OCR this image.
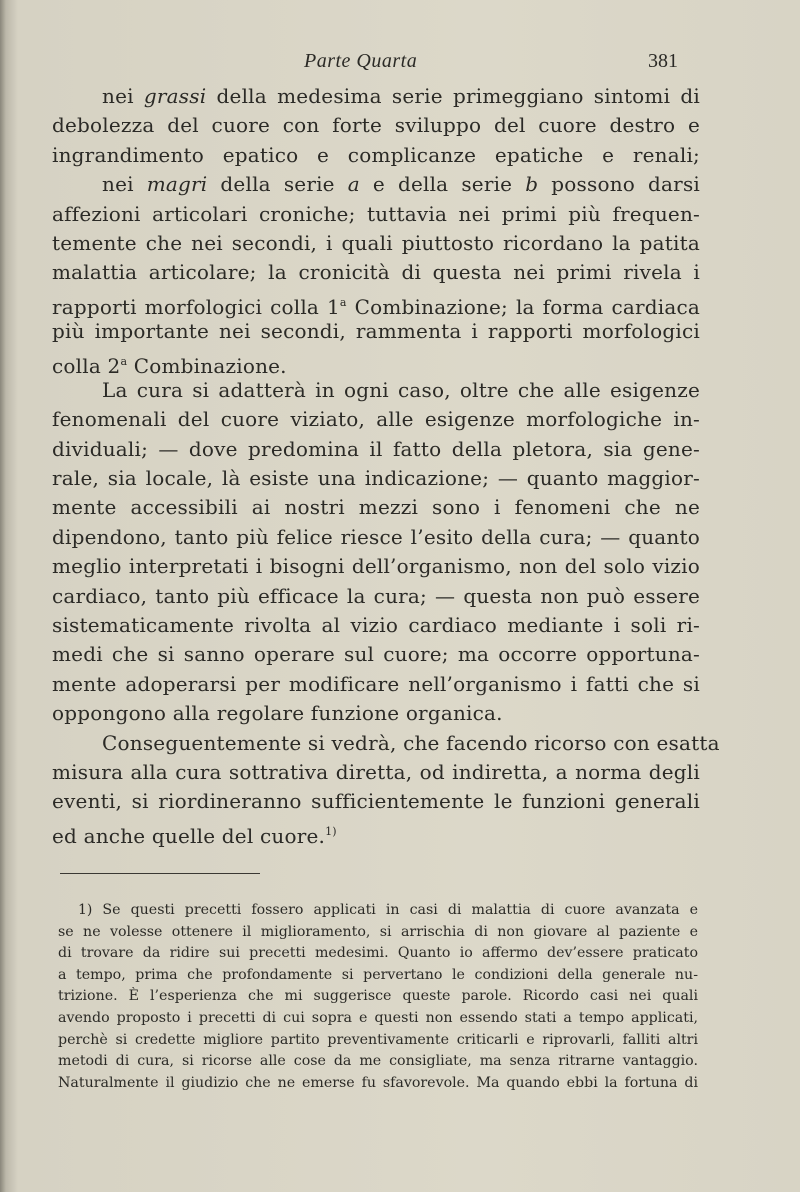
Parte Quarta	381
nei grassi della medesima serie primeggiano sintomi di
debolezza del cuore con forte sviluppo del cuore destro e
ingrandimento epatico e complicanze epatiche e renali;
nei magri della serie a e della serie b possono darsi
affezioni articolari croniche; tuttavia nei primi più frequen-
temente che nei secondi, i quali piuttosto ricordano la patita
malattia articolare; la cronicità di questa nei primi rivela i
rapporti morfologici colla 1$^a$ Combinazione; la forma cardiaca
più importante nei secondi, rammenta i rapporti morfologici
colla 2$^a$ Combinazione.
La cura si adatterà in ogni caso, oltre che alle esigenze
fenomenali del cuore viziato, alle esigenze morfologiche in-
dividuali; — dove predomina il fatto della pletora, sia gene-
rale, sia locale, là esiste una indicazione; — quanto maggior-
mente accessibili ai nostri mezzi sono i fenomeni che ne
dipendono, tanto più felice riesce l’esito della cura; — quanto
meglio interpretati i bisogni dell’organismo, non del solo vizio
cardiaco, tanto più efficace la cura; — questa non può essere
sistematicamente rivolta al vizio cardiaco mediante i soli ri-
medi che si sanno operare sul cuore; ma occorre opportuna-
mente adoperarsi per modificare nell’organismo i fatti che si
oppongono alla regolare funzione organica.
Conseguentemente si vedrà, che facendo ricorso con esatta
misura alla cura sottrativa diretta, od indiretta, a norma degli
eventi, si riordineranno sufficientemente le funzioni generali
ed anche quelle del cuore.$^{1)}$
1) Se questi precetti fossero applicati in casi di malattia di cuore avanzata e
se ne volesse ottenere il miglioramento, si arrischia di non giovare al paziente e
di trovare da ridire sui precetti medesimi. Quanto io affermo dev’essere praticato
a tempo, prima che profondamente si pervertano le condizioni della generale nu-
trizione. È l’esperienza che mi suggerisce queste parole. Ricordo casi nei quali
avendo proposto i precetti di cui sopra e questi non essendo stati a tempo applicati,
perchè si credette migliore partito preventivamente criticarli e riprovarli, falliti altri
metodi di cura, si ricorse alle cose da me consigliate, ma senza ritrarne vantaggio.
Naturalmente il giudizio che ne emerse fu sfavorevole. Ma quando ebbi la fortuna di
